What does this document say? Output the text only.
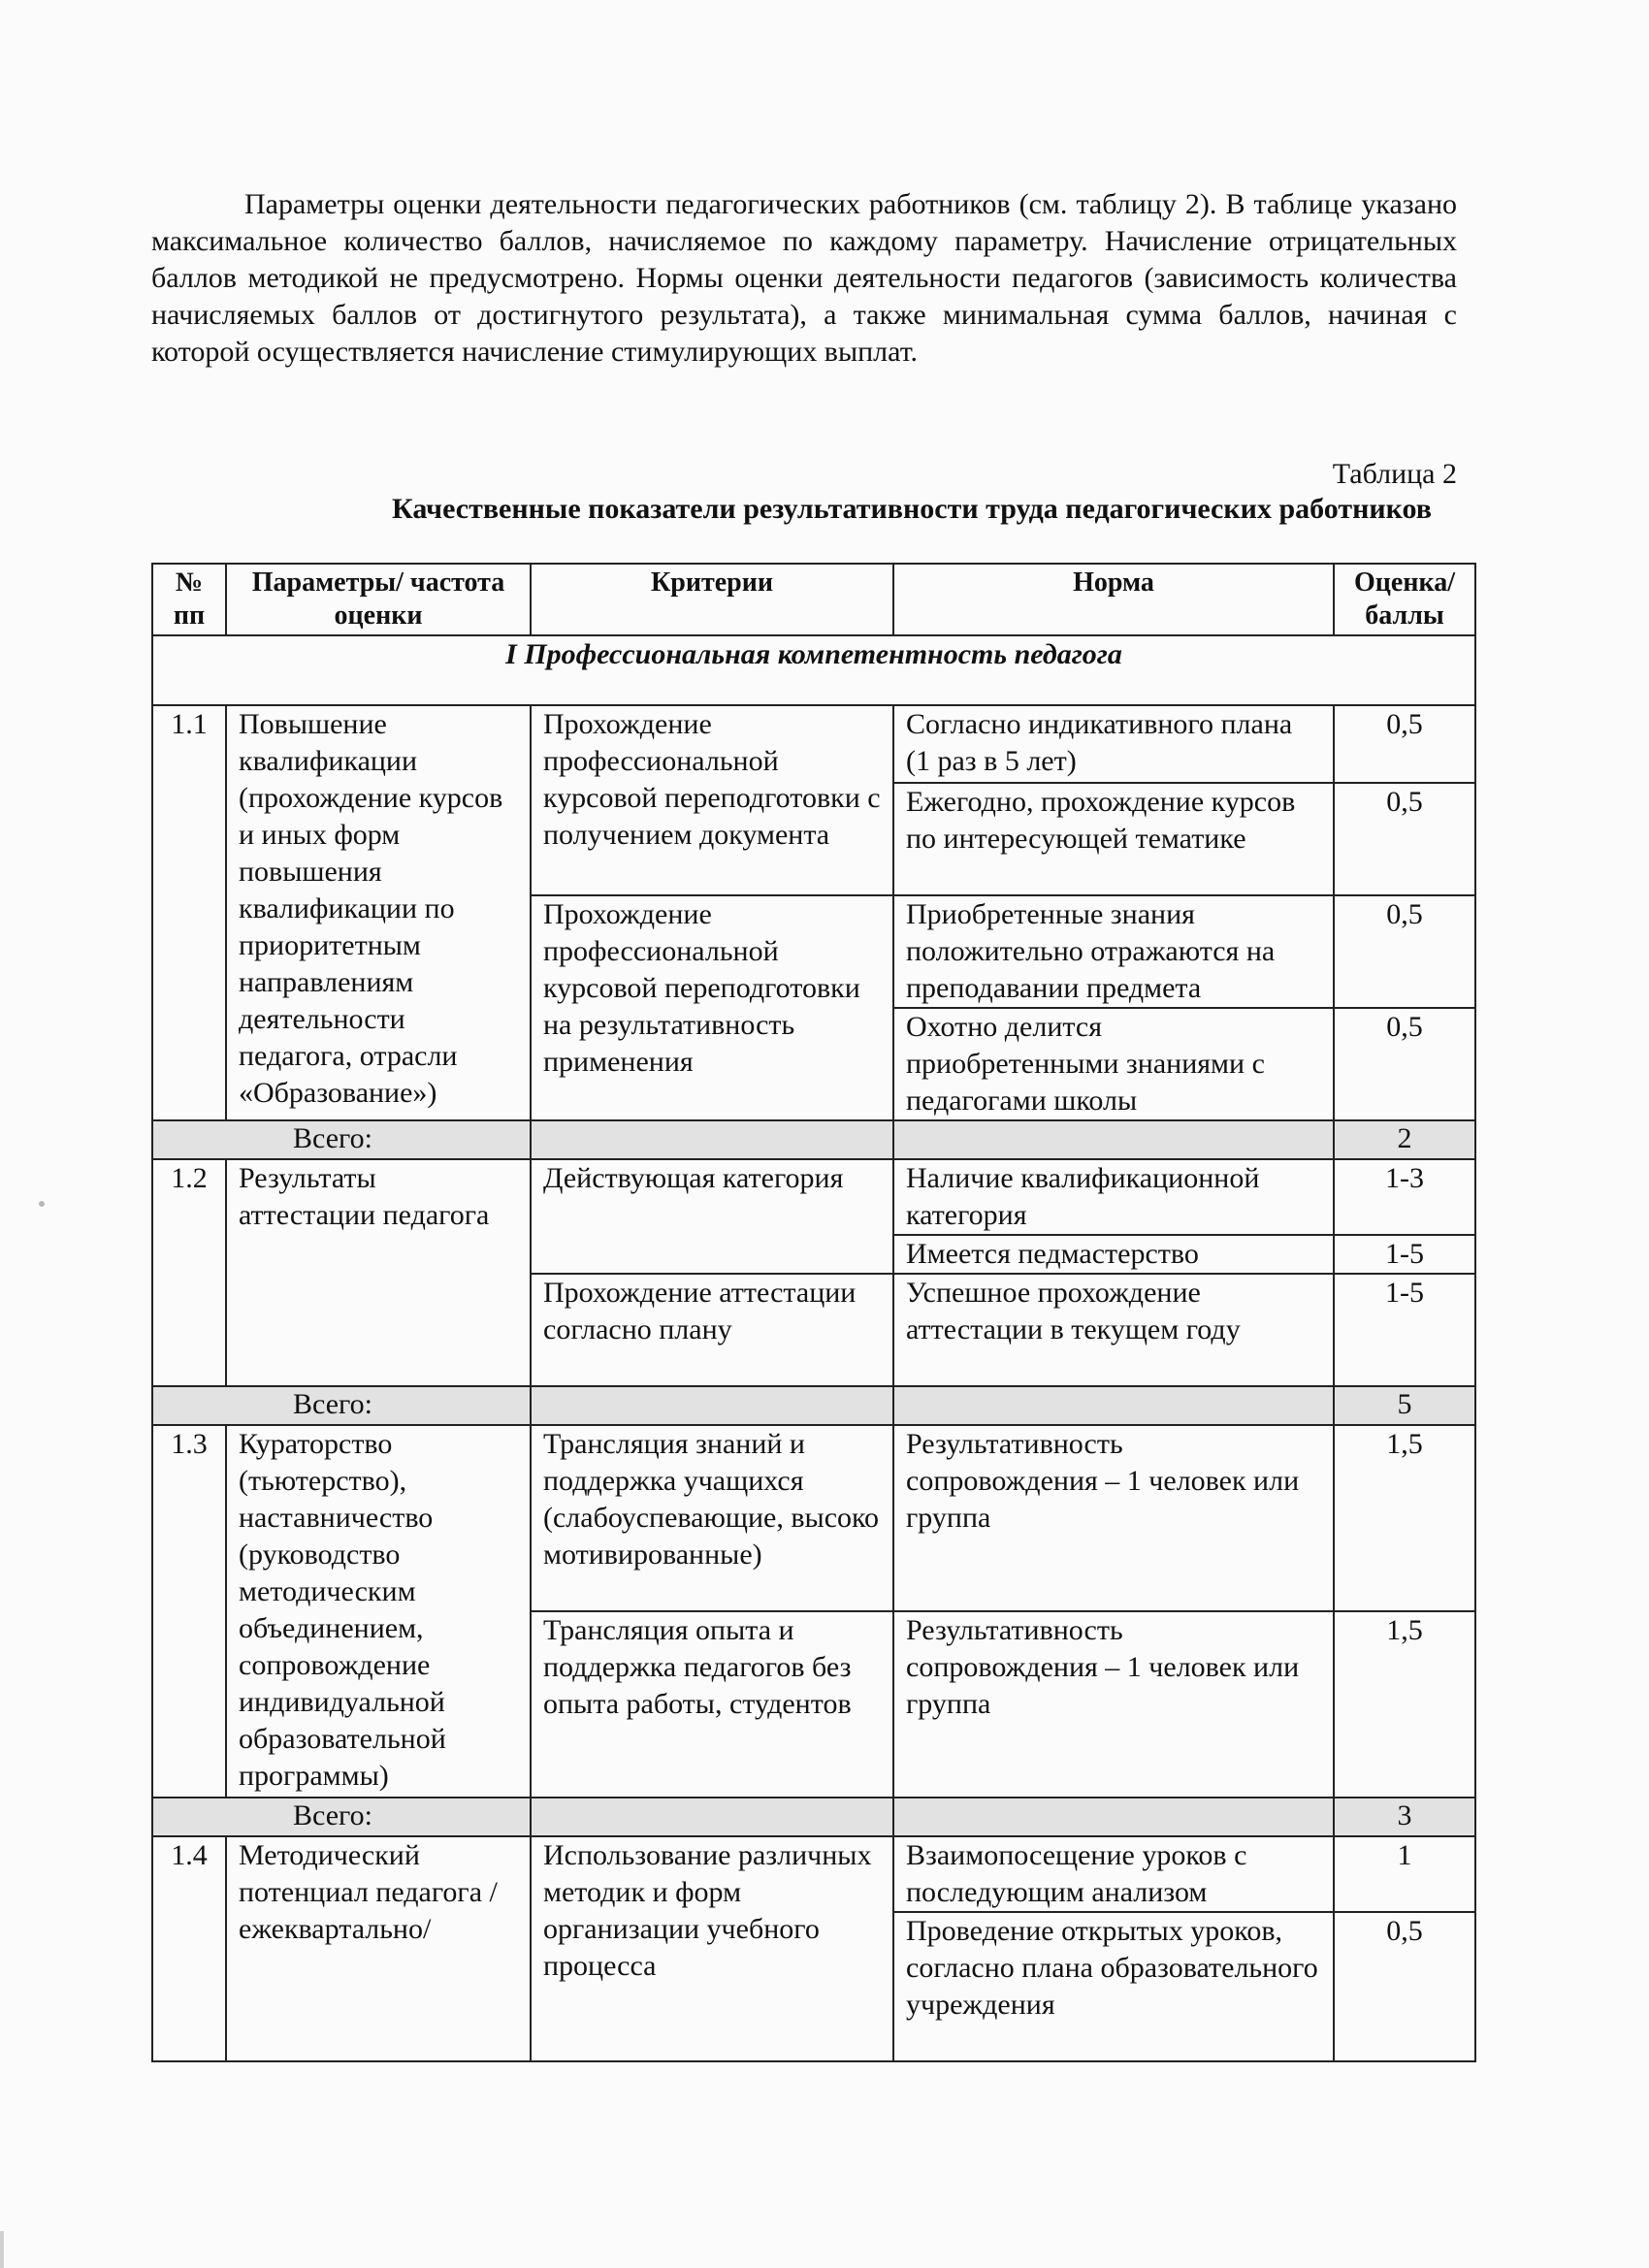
Параметры оценки деятельности педагогических работников (см. таблицу 2). В таблице указано максимальное количество баллов, начисляемое по каждому параметру. Начисление отрицательных баллов методикой не предусмотрено. Нормы оценки деятельности педагогов (зависимость количества начисляемых баллов от достигнутого результата), а также минимальная сумма баллов, начиная с которой осуществляется начисление стимулирующих выплат.

Таблица 2
Качественные показатели результативности труда педагогических работников
№ пп	Параметры/ частота оценки	Критерии	Норма	Оценка/ баллы
I Профессиональная компетентность педагога				
1.1	Повышение квалификации (прохождение курсов и иных форм повышения квалификации по приоритетным направлениям деятельности педагога, отрасли «Образование»)	Прохождение профессиональной курсовой переподготовки с получением документа	Согласно индикативного плана (1 раз в 5 лет)	0,5
			Ежегодно, прохождение курсов по интересующей тематике	0,5
		Прохождение профессиональной курсовой переподготовки на результативность применения	Приобретенные знания положительно отражаются на преподавании предмета	0,5
			Охотно делится приобретенными знаниями с педагогами школы	0,5
Всего:				2
1.2	Результаты аттестации педагога	Действующая категория	Наличие квалификационной категория	1-3
			Имеется педмастерство	1-5
		Прохождение аттестации согласно плану	Успешное прохождение аттестации в текущем году	1-5
Всего:				5
1.3	Кураторство (тьютерство), наставничество (руководство методическим объединением, сопровождение индивидуальной образовательной программы)	Трансляция знаний и поддержка учащихся (слабоуспевающие, высоко мотивированные)	Результативность сопровождения – 1 человек или группа	1,5
		Трансляция опыта и поддержка педагогов без опыта работы, студентов	Результативность сопровождения – 1 человек или группа	1,5
Всего:				3
1.4	Методический потенциал педагога /ежеквартально/	Использование различных методик и форм организации учебного процесса	Взаимопосещение уроков с последующим анализом	1
			Проведение открытых уроков, согласно плана образовательного учреждения	0,5
